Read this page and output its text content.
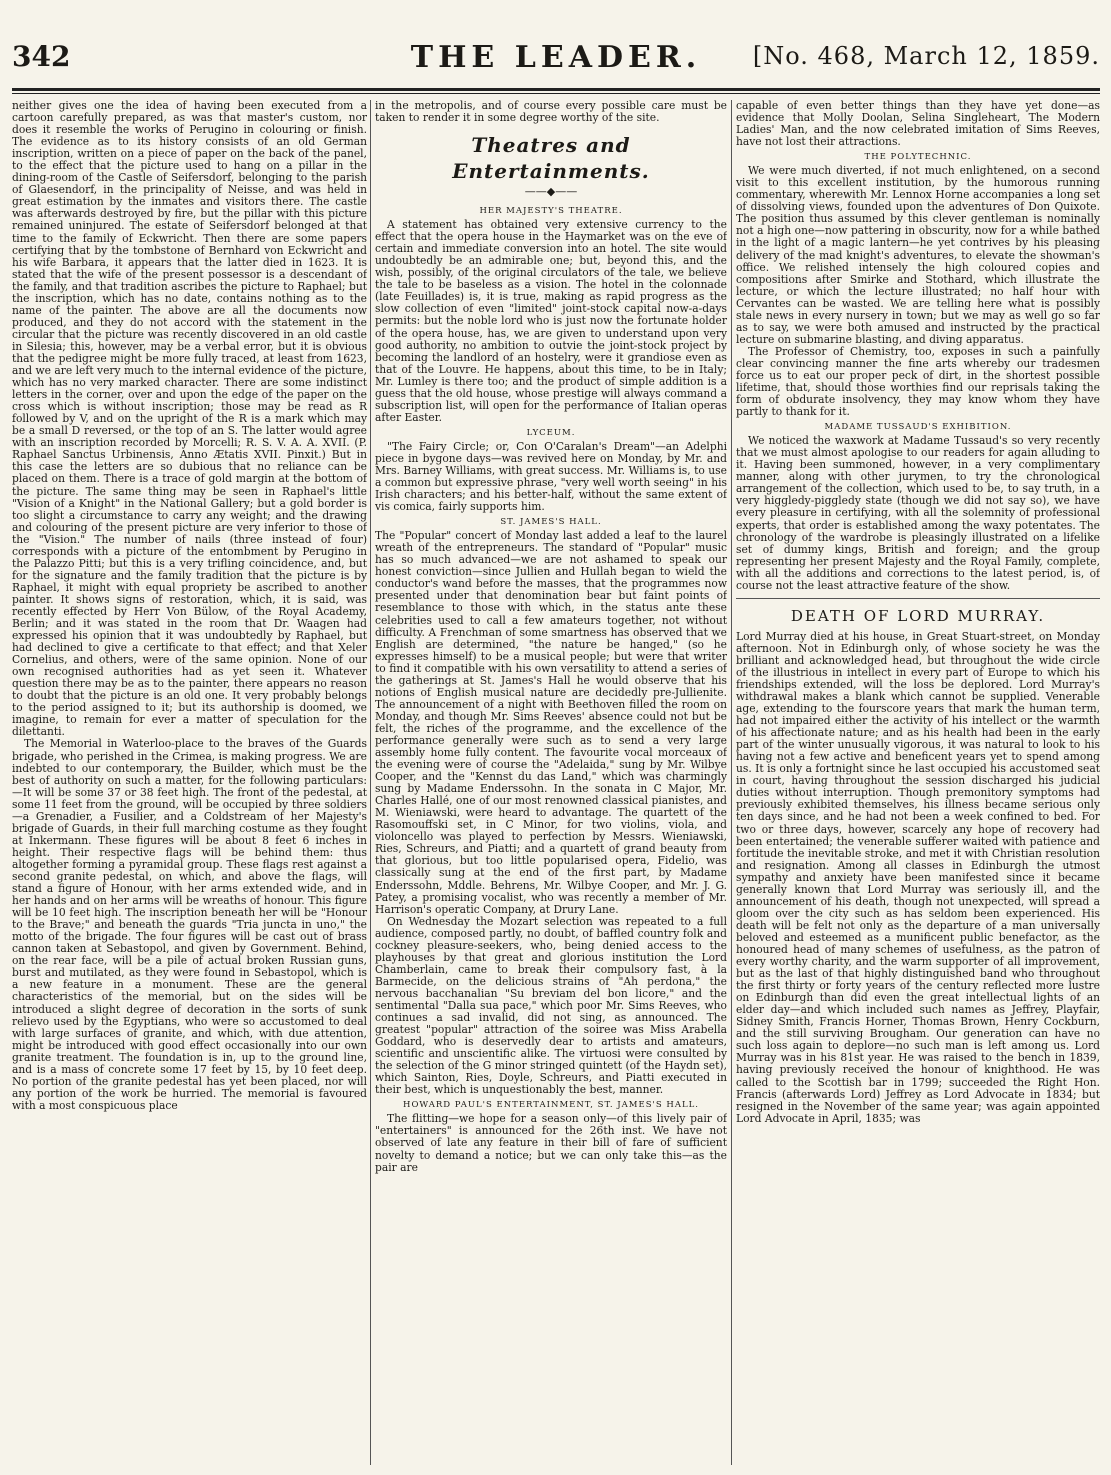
342	THE LEADER.	[No. 468, March 12, 1859.

neither gives one the idea of having been executed from a cartoon carefully prepared, as was that master's custom, nor does it resemble the works of Perugino in colouring or finish. The evidence as to its history consists of an old German inscription, written on a piece of paper on the back of the panel, to the effect that the picture used to hang on a pillar in the dining-room of the Castle of Seifersdorf, belonging to the parish of Glaesendorf, in the principality of Neisse, and was held in great estimation by the inmates and visitors there. The castle was afterwards destroyed by fire, but the pillar with this picture remained uninjured. The estate of Seifersdorf belonged at that time to the family of Eckwricht. Then there are some papers certifying that by the tombstone of Bernhard von Eckwricht and his wife Barbara, it appears that the latter died in 1623. It is stated that the wife of the present possessor is a descendant of the family, and that tradition ascribes the picture to Raphael; but the inscription, which has no date, contains nothing as to the name of the painter. The above are all the documents now produced, and they do not accord with the statement in the circular that the picture was recently discovered in an old castle in Silesia; this, however, may be a verbal error, but it is obvious that the pedigree might be more fully traced, at least from 1623, and we are left very much to the internal evidence of the picture, which has no very marked character. There are some indistinct letters in the corner, over and upon the edge of the paper on the cross which is without inscription; those may be read as R followed by V, and on the upright of the R is a mark which may be a small D reversed, or the top of an S. The latter would agree with an inscription recorded by Morcelli; R. S. V. A. A. XVII. (P. Raphael Sanctus Urbinensis, Anno Ætatis XVII. Pinxit.) But in this case the letters are so dubious that no reliance can be placed on them. There is a trace of gold margin at the bottom of the picture. The same thing may be seen in Raphael's little "Vision of a Knight" in the National Gallery; but a gold border is too slight a circumstance to carry any weight; and the drawing and colouring of the present picture are very inferior to those of the "Vision." The number of nails (three instead of four) corresponds with a picture of the entombment by Perugino in the Palazzo Pitti; but this is a very trifling coincidence, and, but for the signature and the family tradition that the picture is by Raphael, it might with equal propriety be ascribed to another painter. It shows signs of restoration, which, it is said, was recently effected by Herr Von Bülow, of the Royal Academy, Berlin; and it was stated in the room that Dr. Waagen had expressed his opinion that it was undoubtedly by Raphael, but had declined to give a certificate to that effect; and that Xeler Cornelius, and others, were of the same opinion. None of our own recognised authorities had as yet seen it. Whatever question there may be as to the painter, there appears no reason to doubt that the picture is an old one. It very probably belongs to the period assigned to it; but its authorship is doomed, we imagine, to remain for ever a matter of speculation for the dilettanti.

The Memorial in Waterloo-place to the braves of the Guards brigade, who perished in the Crimea, is making progress. We are indebted to our contemporary, the Builder, which must be the best of authority on such a matter, for the following particulars:—It will be some 37 or 38 feet high. The front of the pedestal, at some 11 feet from the ground, will be occupied by three soldiers—a Grenadier, a Fusilier, and a Coldstream of her Majesty's brigade of Guards, in their full marching costume as they fought at Inkermann. These figures will be about 8 feet 6 inches in height. Their respective flags will be behind them: thus altogether forming a pyramidal group. These flags rest against a second granite pedestal, on which, and above the flags, will stand a figure of Honour, with her arms extended wide, and in her hands and on her arms will be wreaths of honour. This figure will be 10 feet high. The inscription beneath her will be "Honour to the Brave;" and beneath the guards "Tria juncta in uno," the motto of the brigade. The four figures will be cast out of brass cannon taken at Sebastopol, and given by Government. Behind, on the rear face, will be a pile of actual broken Russian guns, burst and mutilated, as they were found in Sebastopol, which is a new feature in a monument. These are the general characteristics of the memorial, but on the sides will be introduced a slight degree of decoration in the sorts of sunk relievo used by the Egyptians, who were so accustomed to deal with large surfaces of granite, and which, with due attention, might be introduced with good effect occasionally into our own granite treatment. The foundation is in, up to the ground line, and is a mass of concrete some 17 feet by 15, by 10 feet deep. No portion of the granite pedestal has yet been placed, nor will any portion of the work be hurried. The memorial is favoured with a most conspicuous place

in the metropolis, and of course every possible care must be taken to render it in some degree worthy of the site.

Theatres and Entertainments.
——◆——
HER MAJESTY'S THEATRE.

A statement has obtained very extensive currency to the effect that the opera house in the Haymarket was on the eve of certain and immediate conversion into an hotel. The site would undoubtedly be an admirable one; but, beyond this, and the wish, possibly, of the original circulators of the tale, we believe the tale to be baseless as a vision. The hotel in the colonnade (late Feuillades) is, it is true, making as rapid progress as the slow collection of even "limited" joint-stock capital now-a-days permits: but the noble lord who is just now the fortunate holder of the opera house, has, we are given to understand upon very good authority, no ambition to outvie the joint-stock project by becoming the landlord of an hostelry, were it grandiose even as that of the Louvre. He happens, about this time, to be in Italy; Mr. Lumley is there too; and the product of simple addition is a guess that the old house, whose prestige will always command a subscription list, will open for the performance of Italian operas after Easter.

LYCEUM.

"The Fairy Circle; or, Con O'Caralan's Dream"—an Adelphi piece in bygone days—was revived here on Monday, by Mr. and Mrs. Barney Williams, with great success. Mr. Williams is, to use a common but expressive phrase, "very well worth seeing" in his Irish characters; and his better-half, without the same extent of vis comica, fairly supports him.

ST. JAMES'S HALL.

The "Popular" concert of Monday last added a leaf to the laurel wreath of the entrepreneurs. The standard of "Popular" music has so much advanced—we are not ashamed to speak our honest conviction—since Jullien and Hullah began to wield the conductor's wand before the masses, that the programmes now presented under that denomination bear but faint points of resemblance to those with which, in the status ante these celebrities used to call a few amateurs together, not without difficulty. A Frenchman of some smartness has observed that we English are determined, "the nature be hanged," (so he expresses himself) to be a musical people; but were that writer to find it compatible with his own versatility to attend a series of the gatherings at St. James's Hall he would observe that his notions of English musical nature are decidedly pre-Jullienite. The announcement of a night with Beethoven filled the room on Monday, and though Mr. Sims Reeves' absence could not but be felt, the riches of the programme, and the excellence of the performance generally were such as to send a very large assembly home fully content. The favourite vocal morceaux of the evening were of course the "Adelaida," sung by Mr. Wilbye Cooper, and the "Kennst du das Land," which was charmingly sung by Madame Enderssohn. In the sonata in C Major, Mr. Charles Hallé, one of our most renowned classical pianistes, and M. Wieniawski, were heard to advantage. The quartett of the Rasomouffski set, in C Minor, for two violins, viola, and violoncello was played to perfection by Messrs. Wieniawski, Ries, Schreurs, and Piatti; and a quartett of grand beauty from that glorious, but too little popularised opera, Fidelio, was classically sung at the end of the first part, by Madame Enderssohn, Mddle. Behrens, Mr. Wilbye Cooper, and Mr. J. G. Patey, a promising vocalist, who was recently a member of Mr. Harrison's operatic Company, at Drury Lane.

On Wednesday the Mozart selection was repeated to a full audience, composed partly, no doubt, of baffled country folk and cockney pleasure-seekers, who, being denied access to the playhouses by that great and glorious institution the Lord Chamberlain, came to break their compulsory fast, à la Barmecide, on the delicious strains of "Ah perdona," the nervous bacchanalian "Su breviam del bon licore," and the sentimental "Dalla sua pace," which poor Mr. Sims Reeves, who continues a sad invalid, did not sing, as announced. The greatest "popular" attraction of the soiree was Miss Arabella Goddard, who is deservedly dear to artists and amateurs, scientific and unscientific alike. The virtuosi were consulted by the selection of the G minor stringed quintett (of the Haydn set), which Sainton, Ries, Doyle, Schreurs, and Piatti executed in their best, which is unquestionably the best, manner.

HOWARD PAUL'S ENTERTAINMENT, ST. JAMES'S HALL.

The flitting—we hope for a season only—of this lively pair of "entertainers" is announced for the 26th inst. We have not observed of late any feature in their bill of fare of sufficient novelty to demand a notice; but we can only take this—as the pair are

capable of even better things than they have yet done—as evidence that Molly Doolan, Selina Singleheart, The Modern Ladies' Man, and the now celebrated imitation of Sims Reeves, have not lost their attractions.

THE POLYTECHNIC.

We were much diverted, if not much enlightened, on a second visit to this excellent institution, by the humorous running commentary, wherewith Mr. Lennox Horne accompanies a long set of dissolving views, founded upon the adventures of Don Quixote. The position thus assumed by this clever gentleman is nominally not a high one—now pattering in obscurity, now for a while bathed in the light of a magic lantern—he yet contrives by his pleasing delivery of the mad knight's adventures, to elevate the showman's office. We relished intensely the high coloured copies and compositions after Smirke and Stothard, which illustrate the lecture, or which the lecture illustrated; no half hour with Cervantes can be wasted. We are telling here what is possibly stale news in every nursery in town; but we may as well go so far as to say, we were both amused and instructed by the practical lecture on submarine blasting, and diving apparatus.

The Professor of Chemistry, too, exposes in such a painfully clear convincing manner the fine arts whereby our tradesmen force us to eat our proper peck of dirt, in the shortest possible lifetime, that, should those worthies find our reprisals taking the form of obdurate insolvency, they may know whom they have partly to thank for it.

MADAME TUSSAUD'S EXHIBITION.

We noticed the waxwork at Madame Tussaud's so very recently that we must almost apologise to our readers for again alluding to it. Having been summoned, however, in a very complimentary manner, along with other jurymen, to try the chronological arrangement of the collection, which used to be, to say truth, in a very higgledy-piggledy state (though we did not say so), we have every pleasure in certifying, with all the solemnity of professional experts, that order is established among the waxy potentates. The chronology of the wardrobe is pleasingly illustrated on a lifelike set of dummy kings, British and foreign; and the group representing her present Majesty and the Royal Family, complete, with all the additions and corrections to the latest period, is, of course not the least attractive feature of the show.

DEATH OF LORD MURRAY.

Lord Murray died at his house, in Great Stuart-street, on Monday afternoon. Not in Edinburgh only, of whose society he was the brilliant and acknowledged head, but throughout the wide circle of the illustrious in intellect in every part of Europe to which his friendships extended, will the loss be deplored. Lord Murray's withdrawal makes a blank which cannot be supplied. Venerable age, extending to the fourscore years that mark the human term, had not impaired either the activity of his intellect or the warmth of his affectionate nature; and as his health had been in the early part of the winter unusually vigorous, it was natural to look to his having not a few active and beneficent years yet to spend among us. It is only a fortnight since he last occupied his accustomed seat in court, having throughout the session discharged his judicial duties without interruption. Though premonitory symptoms had previously exhibited themselves, his illness became serious only ten days since, and he had not been a week confined to bed. For two or three days, however, scarcely any hope of recovery had been entertained; the venerable sufferer waited with patience and fortitude the inevitable stroke, and met it with Christian resolution and resignation. Among all classes in Edinburgh the utmost sympathy and anxiety have been manifested since it became generally known that Lord Murray was seriously ill, and the announcement of his death, though not unexpected, will spread a gloom over the city such as has seldom been experienced. His death will be felt not only as the departure of a man universally beloved and esteemed as a munificent public benefactor, as the honoured head of many schemes of usefulness, as the patron of every worthy charity, and the warm supporter of all improvement, but as the last of that highly distinguished band who throughout the first thirty or forty years of the century reflected more lustre on Edinburgh than did even the great intellectual lights of an elder day—and which included such names as Jeffrey, Playfair, Sidney Smith, Francis Horner, Thomas Brown, Henry Cockburn, and the still surviving Brougham. Our generation can have no such loss again to deplore—no such man is left among us. Lord Murray was in his 81st year. He was raised to the bench in 1839, having previously received the honour of knighthood. He was called to the Scottish bar in 1799; succeeded the Right Hon. Francis (afterwards Lord) Jeffrey as Lord Advocate in 1834; but resigned in the November of the same year; was again appointed Lord Advocate in April, 1835; was
